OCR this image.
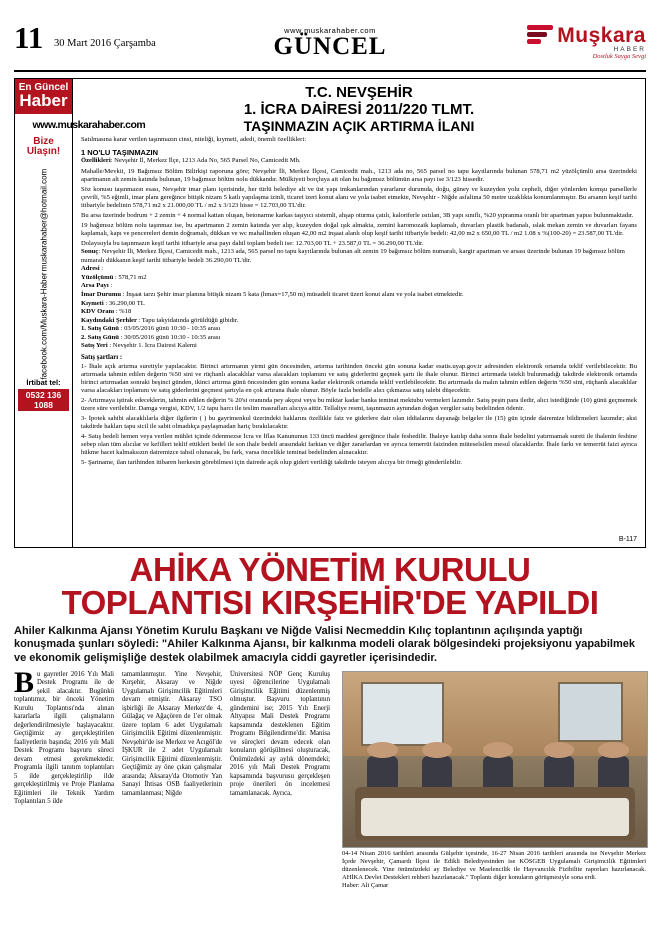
11 30 Mart 2016 Çarşamba
www.muskarahaber.com
GÜNCEL	Muşkara
HABER
Dostluk Sayga Sevgi
En Güncel
Haber
www.muskarahaber.com
Bize
Ulaşın!
muskarahaber@hotmail.com
facebook.com/Muskara-Haber
İrtibat tel:
0532 136 1088
T.C. NEVŞEHİR
1. İCRA DAİRESİ 2011/220 TLMT.
TAŞINMAZIN AÇIK ARTIRMA İLANI
Satılmasına karar verilen taşınmazın cinsi, niteliği, kıymeti, adedi, önemli özellikleri:
1 NO'LU TAŞINMAZIN
Özellikleri: Nevşehir İl, Merkez İlçe, 1213 Ada No, 565 Parsel No, Camicedit Mh.
Mahalle/Mevkii, 19 Bağımsız Bölüm Bilirkişi raporuna göre; Nevşehir İli, Merkez İlçesi, Camicedit mah., 1213 ada no, 565 parsel no tapu kayıtlarında bulunan 578,71 m2 yüzölçümlü arsa üzerindeki apartmanın alt zemin katında bulunan, 19 bağımsız bölüm nolu dükkandır. Mülkiyeti borçluya ait olan bu bağımsız bölümün arsa payı ise 3/123 hissedir.
Söz konusu taşınmazın esası, Nevşehir imar planı içerisinde, her türlü belediye alt ve üst yapı imkanlarından yararlanır durumda, doğu, güney ve kuzeyden yolu cepheli, diğer yönlerden komşu parsellerle çevrili, %5 eğimli, imar planı gereğince bitişik nizam 5 katlı yapılaşma izinli, ticaret izeri konut alanı ve yola isabet etmekte, Nevşehir - Niğde asfaltına 50 metre uzaklıkta konumlanmıştır. Bu arsanın keşif tarihi itibariyle bedelinin 578,71 m2 x 21.000,00 TL / m2 x 3/123 hisse = 12.703,00 TL'dir.
Bu arsa üzerinde bodrum + 2 zemin + 4 normal kattan oluşan, betonarme karkas taşıyıcı sistemli, ahşap oturma çatılı, kaloriferle ısıtılan, 3B yapı sınıflı, %20 yıpranma oranlı bir apartman yapısı bulunmaktadır.
19 bağımsız bölüm nolu taşınmaz ise, bu apartmanın 2 zemin katında yer alıp, kuzeyden doğal ışık almakta, zemini karomozaik kaplamalı, duvarları plastik badanalı, ıslak mekan zemin ve duvarları fayans kaplamalı, kapı ve pencereleri demin doğramalı, dükkan ve wc mahallinden oluşan 42,00 m2 inşaat alanlı olup keşif tarihi itibariyle bedeli: 42,00 m2 x 650,00 TL / m2 1.08 x %(100-20) = 23.587,00 TL'dir.
Dolayısıyla bu taşınmazın keşif tarihi itibariyle arsa payı dahil toplam bedeli ise: 12.703,00 TL + 23.587,0 TL = 36.290,00 TL'dir.
Sonuç: Nevşehir İli, Merkez İlçesi, Camicedit mah., 1213 ada, 565 parsel no tapu kayıtlarında bulunan alt zemin 19 bağımsız bölüm numaralı, kargir apartman ve arsası üzerinde bulunan 19 bağımsız bölüm numaralı dükkanın keşif tarihi itibariyle bedeli 36.290,00 TL'dir.
Adresi :
Yüzölçümü : 578,71 m2
Arsa Payı :
İmar Durumu : İnşaat tarzı Şehir imar planına bitişik nizam 5 kata (hmax=17,50 m) müsadeli ticaret üzeri konut alanı ve yola isabet etmektedir.
Kıymeti : 36.290,00 TL
KDV Oranı : %18
Kaydındaki Şerhler : Tapu takyidatında görüldüğü gibidir.
1. Satış Günü : 03/05/2016 günü 10:30 - 10:35 arası
2. Satış Günü : 30/05/2016 günü 10:30 - 10:35 arası
Satış Yeri : Nevşehir 1. İcra Dairesi Kalemi
Satış şartları :
1- İhale açık artırma suretiyle yapılacaktır. Birinci artırmanın yirmi gün öncesinden, artırma tarihinden önceki gün sonuna kadar esatis.uyap.gov.tr adresinden elektronik ortamda teklif verilebilecektir. Bu artırmada tahmin edilen değerin %50 sini ve rüçhanlı alacaklılar varsa alacakları toplamını ve satış giderlerini geçmek şartı ile ihale olunur. Birinci artırmada istekli bulunmadığı takdirde elektronik ortamda birinci artırmadan sonraki beşinci günden, ikinci artırma günü öncesinden gün sonuna kadar elektronik ortamda teklif verilebilecektir. Bu artırmada da malın tahmin edilen değerin %50 sini, rüçhanlı alacaklılar varsa alacakları toplamını ve satış giderlerini geçmesi şartıyla en çok artırana ihale olunur. Böyle fazla bedelle alıcı çıkmazsa satış talebi düşecektir.
2- Artırmaya iştirak edeceklerin, tahmin edilen değerin % 20'si oranında pey akçesi veya bu miktar kadar banka teminat mektubu vermeleri lazımdır. Satış peşin para iledir, alıcı istediğinde (10) günü geçmemek üzere süre verilebilir. Damga vergisi, KDV, 1/2 tapu harcı ile teslim masrafları alıcıya aittir. Tellaliye resmi, taşınmazın aynından doğan vergiler satış bedelinden ödenir.
3- İpotek sahibi alacaklılarla diğer ilgilerin ( ) bu gayrimenkul üzerindeki haklarını özellikle faiz ve giderlere dair olan iddialarını dayanağı belgeler ile (15) gün içinde dairemize bildirmeleri lazımdır; aksi takdirde hakları tapu sicil ile sabit olmadıkça paylaşmadan hariç bırakılacaktır.
4- Satış bedeli hemen veya verilen mühlet içinde ödenmezse İcra ve İflas Kanununun 133 üncü maddesi gereğince ihale feshedilir. İhaleye katılıp daha sonra ihale bedelini yatırmamak sureti ile ihalenin feshine sebep olan tüm alıcılar ve kefilleri teklif ettikleri bedel ile son ihale bedeli arasındaki farktan ve diğer zararlardan ve ayrıca temerrüt faizinden müteselsilen mesul olacaklardır. İhale farkı ve temerrüt faizi ayrıca hükme hacet kalmaksızın dairemizce tahsil olunacak, bu fark, varsa öncelikle teminat bedelinden alınacaktır.
5- Şartname, ilan tarihinden itibaren herkesin görebilmesi için dairede açık olup gideri verildiği takdirde isteyen alıcıya bir örneği gönderilebilir.
B-117
AHİKA YÖNETİM KURULU
TOPLANTISI KIRŞEHİR'DE YAPILDI
Ahiler Kalkınma Ajansı Yönetim Kurulu Başkanı ve Niğde Valisi Necmeddin Kılıç toplantının açılışında yaptığı konuşmada şunları söyledi: "Ahiler Kalkınma Ajansı, bir kalkınma modeli olarak bölgesindeki projeksiyonu yapabilmek ve ekonomik gelişmişliğe destek olabilmek amacıyla ciddi gayretler içerisindedir.

Bu gayretler 2016 Yılı Mali Destek Programı ile de şekil alacaktır. Bugünkü toplantımız, bir önceki Yönetim Kurulu Toplantısı'nda alınan kararlarla ilgili çalışmaların değerlendirilmesiyle başlayacaktır. Geçtiğimiz ay gerçekleştirilen faaliyetlerin başında; 2016 yılı Mali Destek Programı başvuru süreci devam etmesi gerekmektedir. Programla ilgili tanıtım toplantıları 5 ilde gerçekleştirilip ilde gerçekleştirilmiş ve Proje Planlama Eğitimleri ile Teknik Yardım Toplantıları 5 ilde

tamamlanmıştır. Yine Nevşehir, Kırşehir, Aksaray ve Niğde Uygulamalı Girişimcilik Eğitimleri devam etmiştir. Aksaray TSO işbirliği ile Aksaray Merkez'de 4, Gülağaç ve Ağaçören de 1'er olmak üzere toplam 6 adet Uygulamalı Girişimcilik Eğitimi düzenlenmiştir. Nevşehir'de ise Merkez ve Acıgöl'de İŞKUR ile 2 adet Uygulamalı Girişimcilik Eğitimi düzenlenmiştir. Geçtiğimiz ay öne çıkan çalışmalar arasında; Aksaray'da Otomotiv Yan Sanayi İhtisas OSB faaliyetlerinin tamamlanması; Niğde

Üniversitesi NÖP Genç Kuruluş uyesi öğrencilerine Uygulamalı Girişimcilik Eğitimi düzenlenmiş olmuştur. Başvuru toplantının gündemini ise; 2015 Yılı Enerji Altyapısı Mali Destek Programı kapsamında desteklenen Eğitim Programı Bilgilendirme'dir. Manisa ve süreçleri devam edecek olan konuların görüşülmesi oluşturacak, Önümüzdeki ay aylık dönemdeki; 2016 yılı Mali Destek Programı kapsamında başvurusu gerçekleşen proje önerileri ön incelemesi tamamlanacak. Ayrıca,

04-14 Nisan 2016 tarihleri arasında Gülşehir içesinde, 16-27 Nisan 2016 tarihleri arasında ise Nevşehir Merkez İçede Nevşehir, Çamardı İlçesi ile Edikli Belediyesinden ise KÖSGEB Uygulamalı Girişimcilik Eğitimleri düzenlenecek. Yine önümüzdeki ay Belediye ve Maelencilik ile Hayvancılık Fizibilite raporları hazırlanacak. AHİKA Devlet Destekleri rehberi hazırlanacak." Toplantı diğer konuların görüşmesiyle sona erdi.

Haber: Ali Çamar
